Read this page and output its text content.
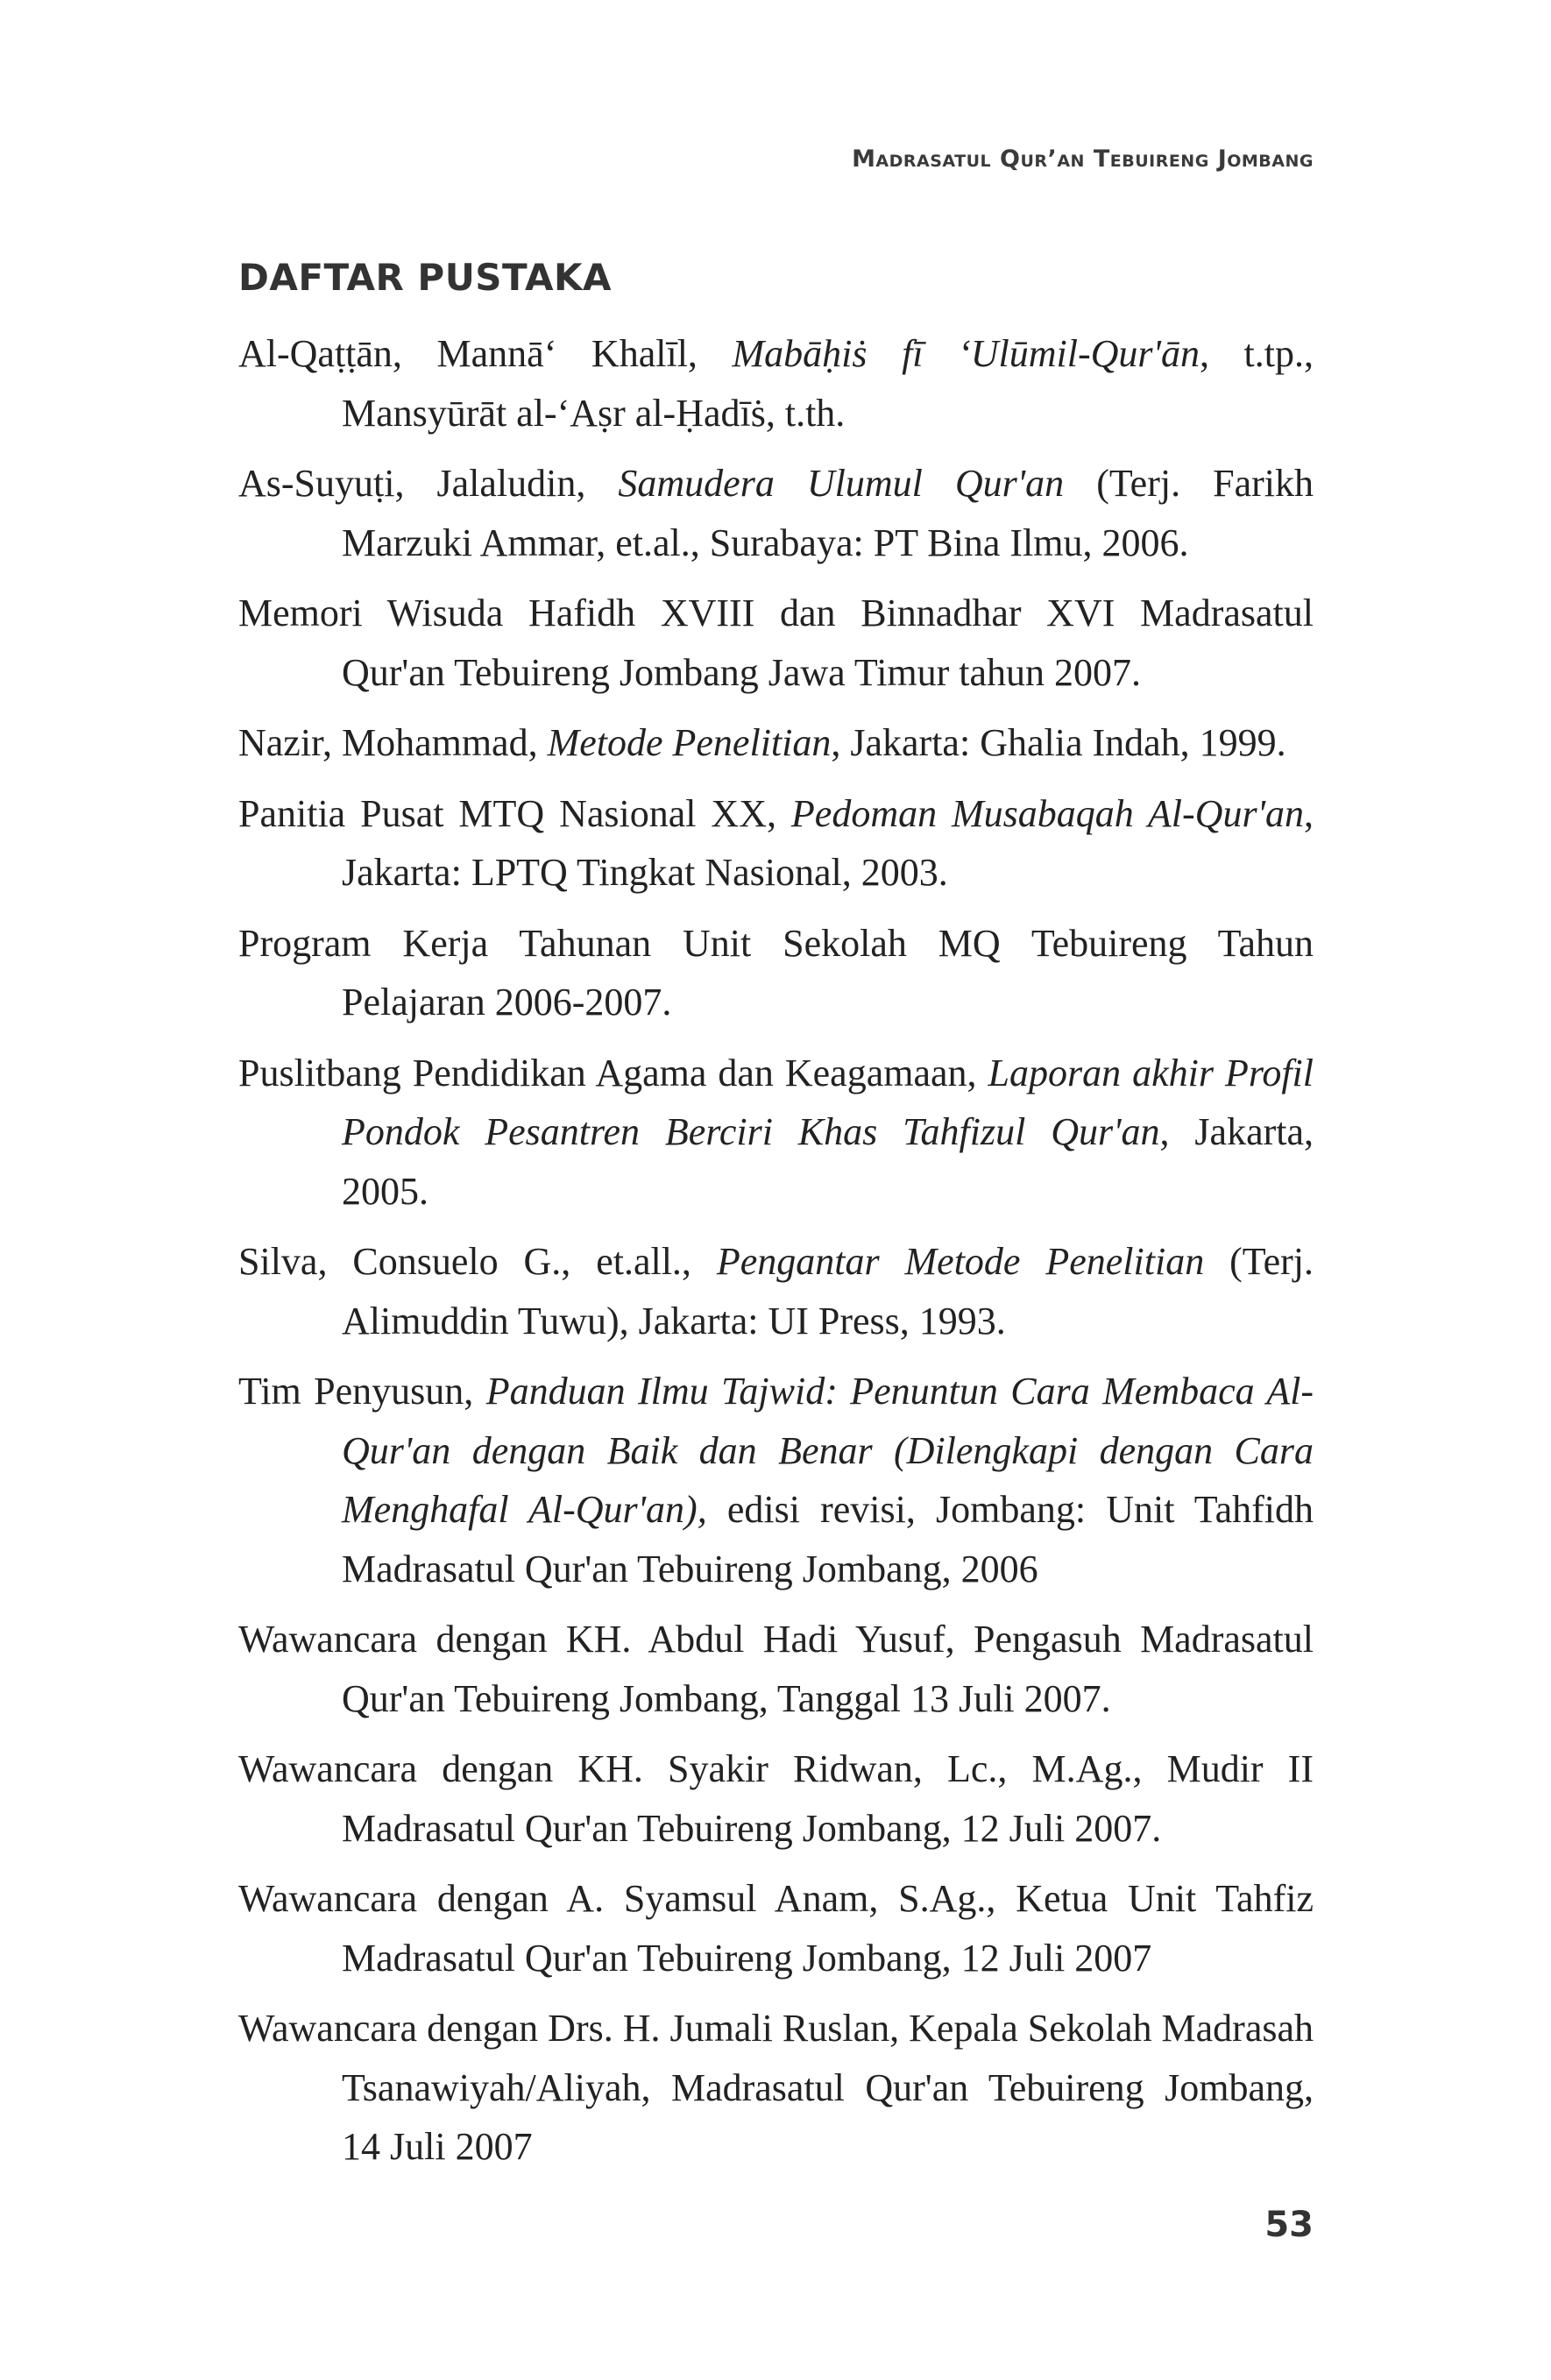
Madrasatul Qur’an Tebuireng Jombang
DAFTAR PUSTAKA
Al-Qaṭṭān, Mannā‘ Khalīl, Mabāḥiṡ fī ‘Ulūmil-Qur'ān, t.tp., Mansyūrāt al-‘Aṣr al-Ḥadīṡ, t.th.
As-Suyuṭi, Jalaludin, Samudera Ulumul Qur'an (Terj. Farikh Marzuki Ammar, et.al., Surabaya: PT Bina Ilmu, 2006.
Memori Wisuda Hafidh XVIII dan Binnadhar XVI Madrasatul Qur'an Tebuireng Jombang Jawa Timur tahun 2007.
Nazir, Mohammad, Metode Penelitian, Jakarta: Ghalia Indah, 1999.
Panitia Pusat MTQ Nasional XX, Pedoman Musabaqah Al-Qur'an, Jakarta: LPTQ Tingkat Nasional, 2003.
Program Kerja Tahunan Unit Sekolah MQ Tebuireng Tahun Pelajaran 2006-2007.
Puslitbang Pendidikan Agama dan Keagamaan, Laporan akhir Profil Pondok Pesantren Berciri Khas Tahfizul Qur'an, Jakarta, 2005.
Silva, Consuelo G., et.all., Pengantar Metode Penelitian (Terj. Alimuddin Tuwu), Jakarta: UI Press, 1993.
Tim Penyusun, Panduan Ilmu Tajwid: Penuntun Cara Membaca Al-Qur'an dengan Baik dan Benar (Dilengkapi dengan Cara Menghafal Al-Qur'an), edisi revisi, Jombang: Unit Tahfidh Madrasatul Qur'an Tebuireng Jombang, 2006
Wawancara dengan KH. Abdul Hadi Yusuf, Pengasuh Madrasatul Qur'an Tebuireng Jombang, Tanggal 13 Juli 2007.
Wawancara dengan KH. Syakir Ridwan, Lc., M.Ag., Mudir II Madrasatul Qur'an Tebuireng Jombang, 12 Juli 2007.
Wawancara dengan A. Syamsul Anam, S.Ag., Ketua Unit Tahfiz Madrasatul Qur'an Tebuireng Jombang, 12 Juli 2007
Wawancara dengan Drs. H. Jumali Ruslan, Kepala Sekolah Madrasah Tsanawiyah/Aliyah, Madrasatul Qur'an Tebuireng Jombang, 14 Juli 2007
53
